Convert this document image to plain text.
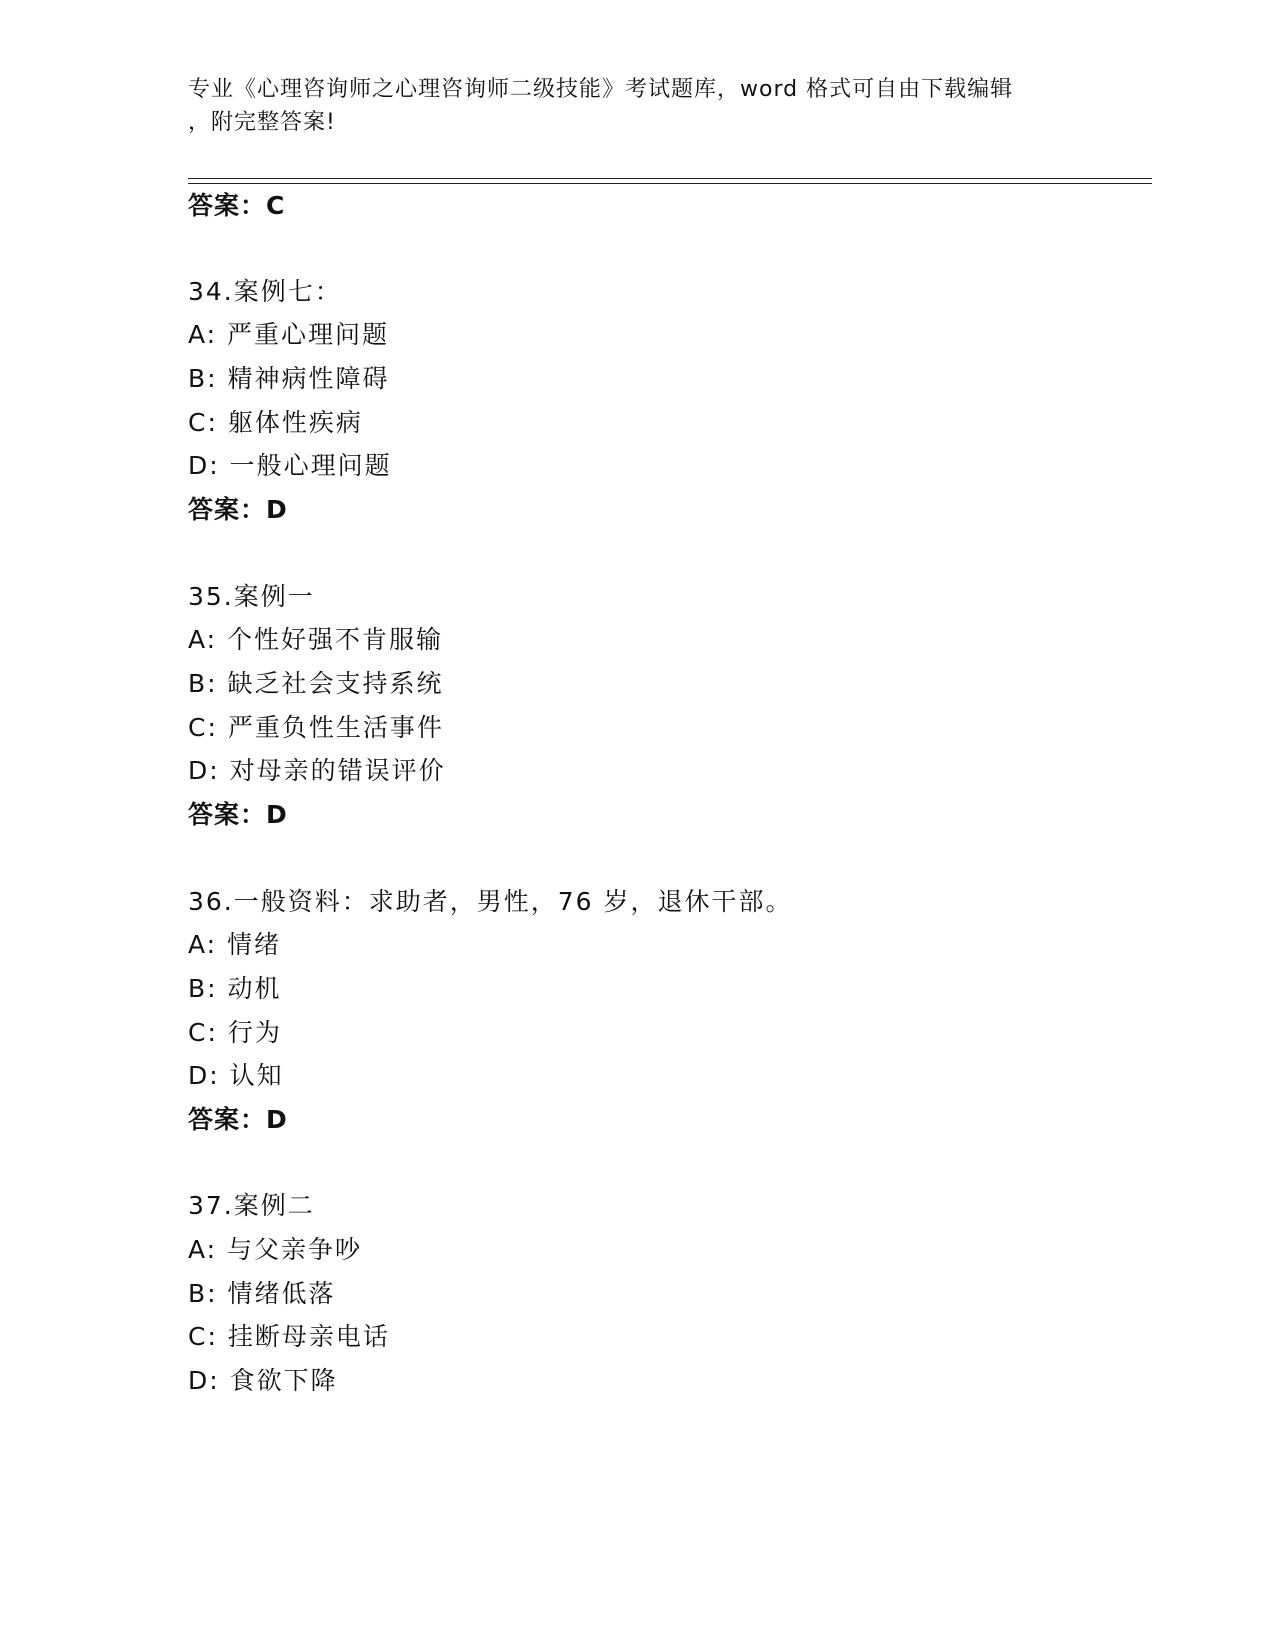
专业《心理咨询师之心理咨询师二级技能》考试题库，word 格式可自由下载编辑
，附完整答案!
答案：C
34.案例七：
A: 严重心理问题
B: 精神病性障碍
C: 躯体性疾病
D: 一般心理问题
答案：D
35.案例一
A: 个性好强不肯服输
B: 缺乏社会支持系统
C: 严重负性生活事件
D: 对母亲的错误评价
答案：D
36.一般资料：求助者，男性，76 岁，退休干部。
A: 情绪
B: 动机
C: 行为
D: 认知
答案：D
37.案例二
A: 与父亲争吵
B: 情绪低落
C: 挂断母亲电话
D: 食欲下降
